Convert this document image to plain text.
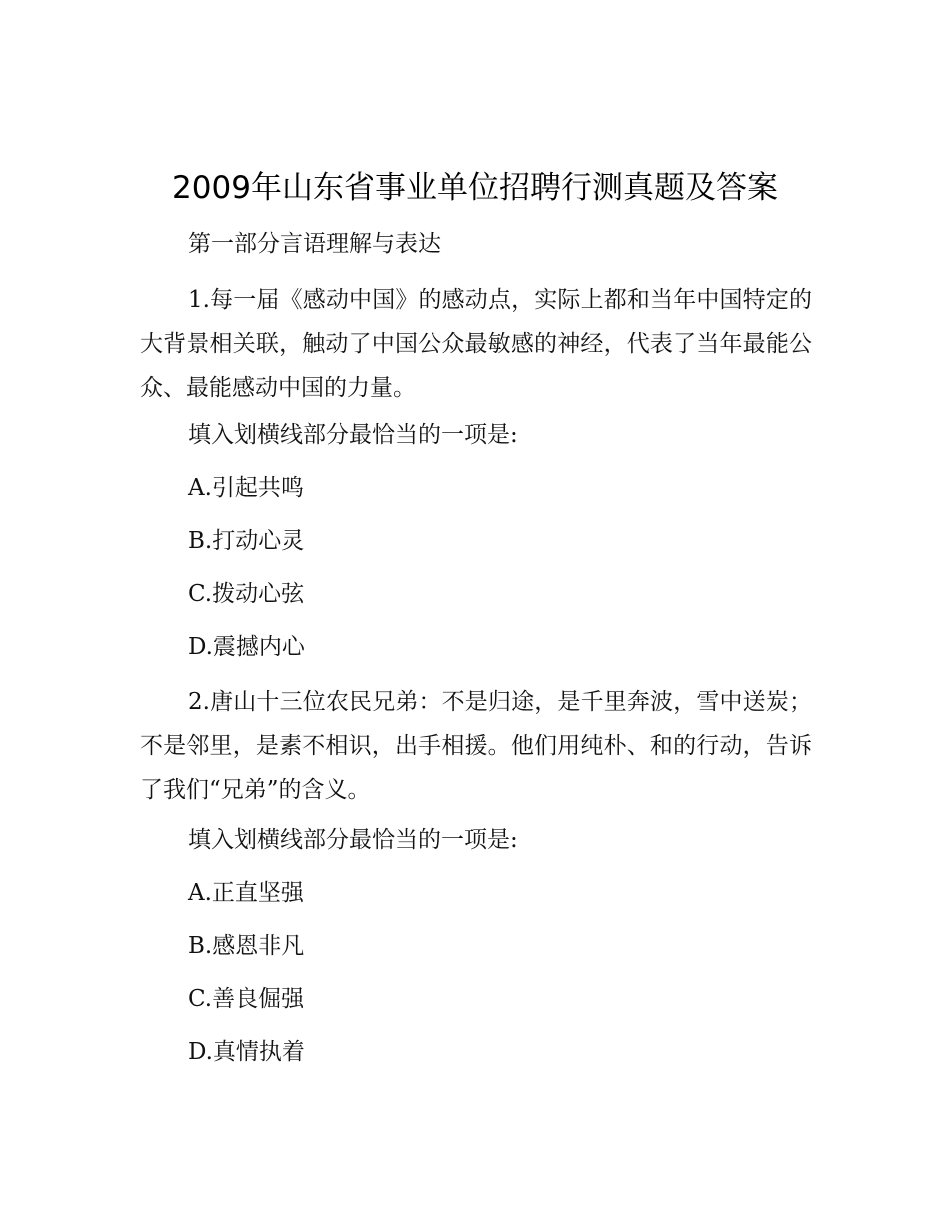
2009年山东省事业单位招聘行测真题及答案

第一部分言语理解与表达

1.每一届《感动中国》的感动点，实际上都和当年中国特定的大背景相关联，触动了中国公众最敏感的神经，代表了当年最能公众、最能感动中国的力量。

填入划横线部分最恰当的一项是:

A.引起共鸣

B.打动心灵

C.拨动心弦

D.震撼内心

2.唐山十三位农民兄弟：不是归途，是千里奔波，雪中送炭；不是邻里，是素不相识，出手相援。他们用纯朴、和的行动，告诉了我们“兄弟”的含义。

填入划横线部分最恰当的一项是:

A.正直坚强

B.感恩非凡

C.善良倔强

D.真情执着
